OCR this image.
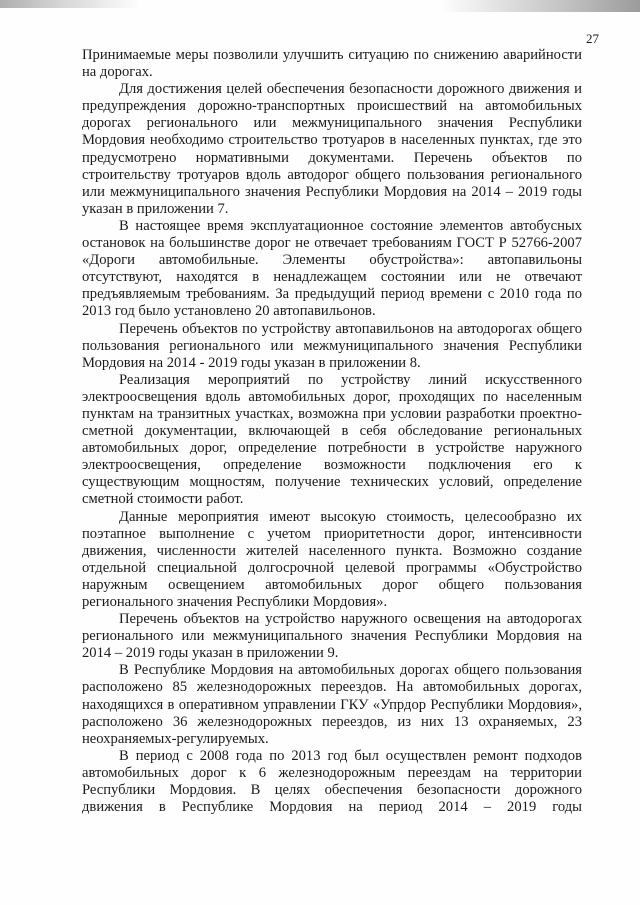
27

Принимаемые меры позволили улучшить ситуацию по снижению аварийности на дорогах.

Для достижения целей обеспечения безопасности дорожного движения и предупреждения дорожно-транспортных происшествий на автомобильных дорогах регионального или межмуниципального значения Республики Мордовия необходимо строительство тротуаров в населенных пунктах, где это предусмотрено нормативными документами. Перечень объектов по строительству тротуаров вдоль автодорог общего пользования регионального или межмуниципального значения Республики Мордовия на 2014 – 2019 годы указан в приложении 7.

В настоящее время эксплуатационное состояние элементов автобусных остановок на большинстве дорог не отвечает требованиям ГОСТ Р 52766-2007 «Дороги автомобильные. Элементы обустройства»: автопавильоны отсутствуют, находятся в ненадлежащем состоянии или не отвечают предъявляемым требованиям. За предыдущий период времени с 2010 года по 2013 год было установлено 20 автопавильонов.

Перечень объектов по устройству автопавильонов на автодорогах общего пользования регионального или межмуниципального значения Республики Мордовия на 2014 - 2019 годы указан в приложении 8.

Реализация мероприятий по устройству линий искусственного электроосвещения вдоль автомобильных дорог, проходящих по населенным пунктам на транзитных участках, возможна при условии разработки проектно-сметной документации, включающей в себя обследование региональных автомобильных дорог, определение потребности в устройстве наружного электроосвещения, определение возможности подключения его к существующим мощностям, получение технических условий, определение сметной стоимости работ.

Данные мероприятия имеют высокую стоимость, целесообразно их поэтапное выполнение с учетом приоритетности дорог, интенсивности движения, численности жителей населенного пункта. Возможно создание отдельной специальной долгосрочной целевой программы «Обустройство наружным освещением автомобильных дорог общего пользования регионального значения Республики Мордовия».

Перечень объектов на устройство наружного освещения на автодорогах регионального или межмуниципального значения Республики Мордовия на 2014 – 2019 годы указан в приложении 9.

В Республике Мордовия на автомобильных дорогах общего пользования расположено 85 железнодорожных переездов. На автомобильных дорогах, находящихся в оперативном управлении ГКУ «Упрдор Республики Мордовия», расположено 36 железнодорожных переездов, из них 13 охраняемых, 23 неохраняемых-регулируемых.

В период с 2008 года по 2013 год был осуществлен ремонт подходов автомобильных дорог к 6 железнодорожным переездам на территории Республики Мордовия. В целях обеспечения безопасности дорожного движения в Республике Мордовия на период 2014 – 2019 годы
